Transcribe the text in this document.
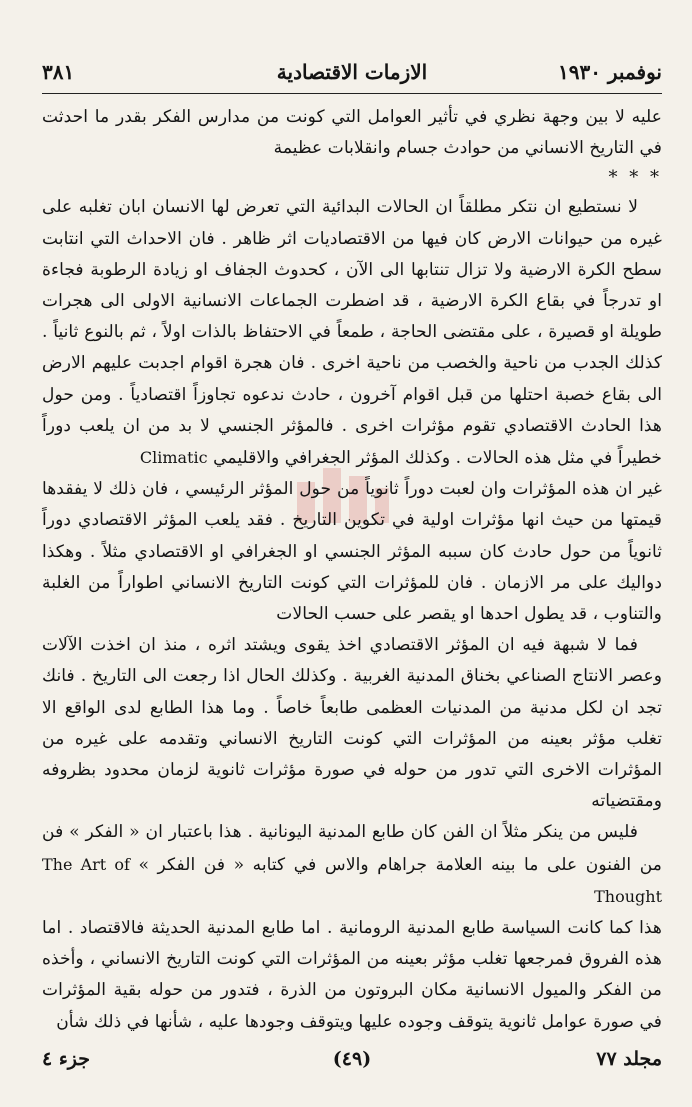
نوفمبر ١٩٣٠
الازمات الاقتصادية
٣٨١

عليه لا بين وجهة نظري في تأثير العوامل التي كونت من مدارس الفكر بقدر ما احدثت في التاريخ الانساني من حوادث جسام وانقلابات عظيمة

* * *

لا نستطيع ان نتكر مطلقاً ان الحالات البدائية التي تعرض لها الانسان ابان تغلبه على غيره من حيوانات الارض كان فيها من الاقتصاديات اثر ظاهر . فان الاحداث التي انتابت سطح الكرة الارضية ولا تزال تنتابها الى الآن ، كحدوث الجفاف او زيادة الرطوبة فجاءة او تدرجاً في بقاع الكرة الارضية ، قد اضطرت الجماعات الانسانية الاولى الى هجرات طويلة او قصيرة ، على مقتضى الحاجة ، طمعاً في الاحتفاظ بالذات اولاً ، ثم بالنوع ثانياً . كذلك الجدب من ناحية والخصب من ناحية اخرى . فان هجرة اقوام اجدبت عليهم الارض الى بقاع خصبة احتلها من قبل اقوام آخرون ، حادث ندعوه تجاوزاً اقتصادياً . ومن حول هذا الحادث الاقتصادي تقوم مؤثرات اخرى . فالمؤثر الجنسي لا بد من ان يلعب دوراً خطيراً في مثل هذه الحالات . وكذلك المؤثر الجغرافي والاقليمي Climatic

غير ان هذه المؤثرات وان لعبت دوراً ثانوياً من حول المؤثر الرئيسي ، فان ذلك لا يفقدها قيمتها من حيث انها مؤثرات اولية في تكوين التاريخ . فقد يلعب المؤثر الاقتصادي دوراً ثانوياً من حول حادث كان سببه المؤثر الجنسي او الجغرافي او الاقتصادي مثلاً . وهكذا دواليك على مر الازمان . فان للمؤثرات التي كونت التاريخ الانساني اطواراً من الغلبة والتناوب ، قد يطول احدها او يقصر على حسب الحالات

فما لا شبهة فيه ان المؤثر الاقتصادي اخذ يقوى ويشتد اثره ، منذ ان اخذت الآلات وعصر الانتاج الصناعي بخناق المدنية الغربية . وكذلك الحال اذا رجعت الى التاريخ . فانك تجد ان لكل مدنية من المدنيات العظمى طابعاً خاصاً . وما هذا الطابع لدى الواقع الا تغلب مؤثر بعينه من المؤثرات التي كونت التاريخ الانساني وتقدمه على غيره من المؤثرات الاخرى التي تدور من حوله في صورة مؤثرات ثانوية لزمان محدود بظروفه ومقتضياته

فليس من ينكر مثلاً ان الفن كان طابع المدنية اليونانية . هذا باعتبار ان « الفكر » فن من الفنون على ما بينه العلامة جراهام والاس في كتابه « فن الفكر » The Art of Thought

هذا كما كانت السياسة طابع المدنية الرومانية . اما طابع المدنية الحديثة فالاقتصاد . اما هذه الفروق فمرجعها تغلب مؤثر بعينه من المؤثرات التي كونت التاريخ الانساني ، وأخذه من الفكر والميول الانسانية مكان البروتون من الذرة ، فتدور من حوله بقية المؤثرات في صورة عوامل ثانوية يتوقف وجوده عليها ويتوقف وجودها عليه ، شأنها في ذلك شأن

مجلد ٧٧
(٤٩)
جزء ٤
